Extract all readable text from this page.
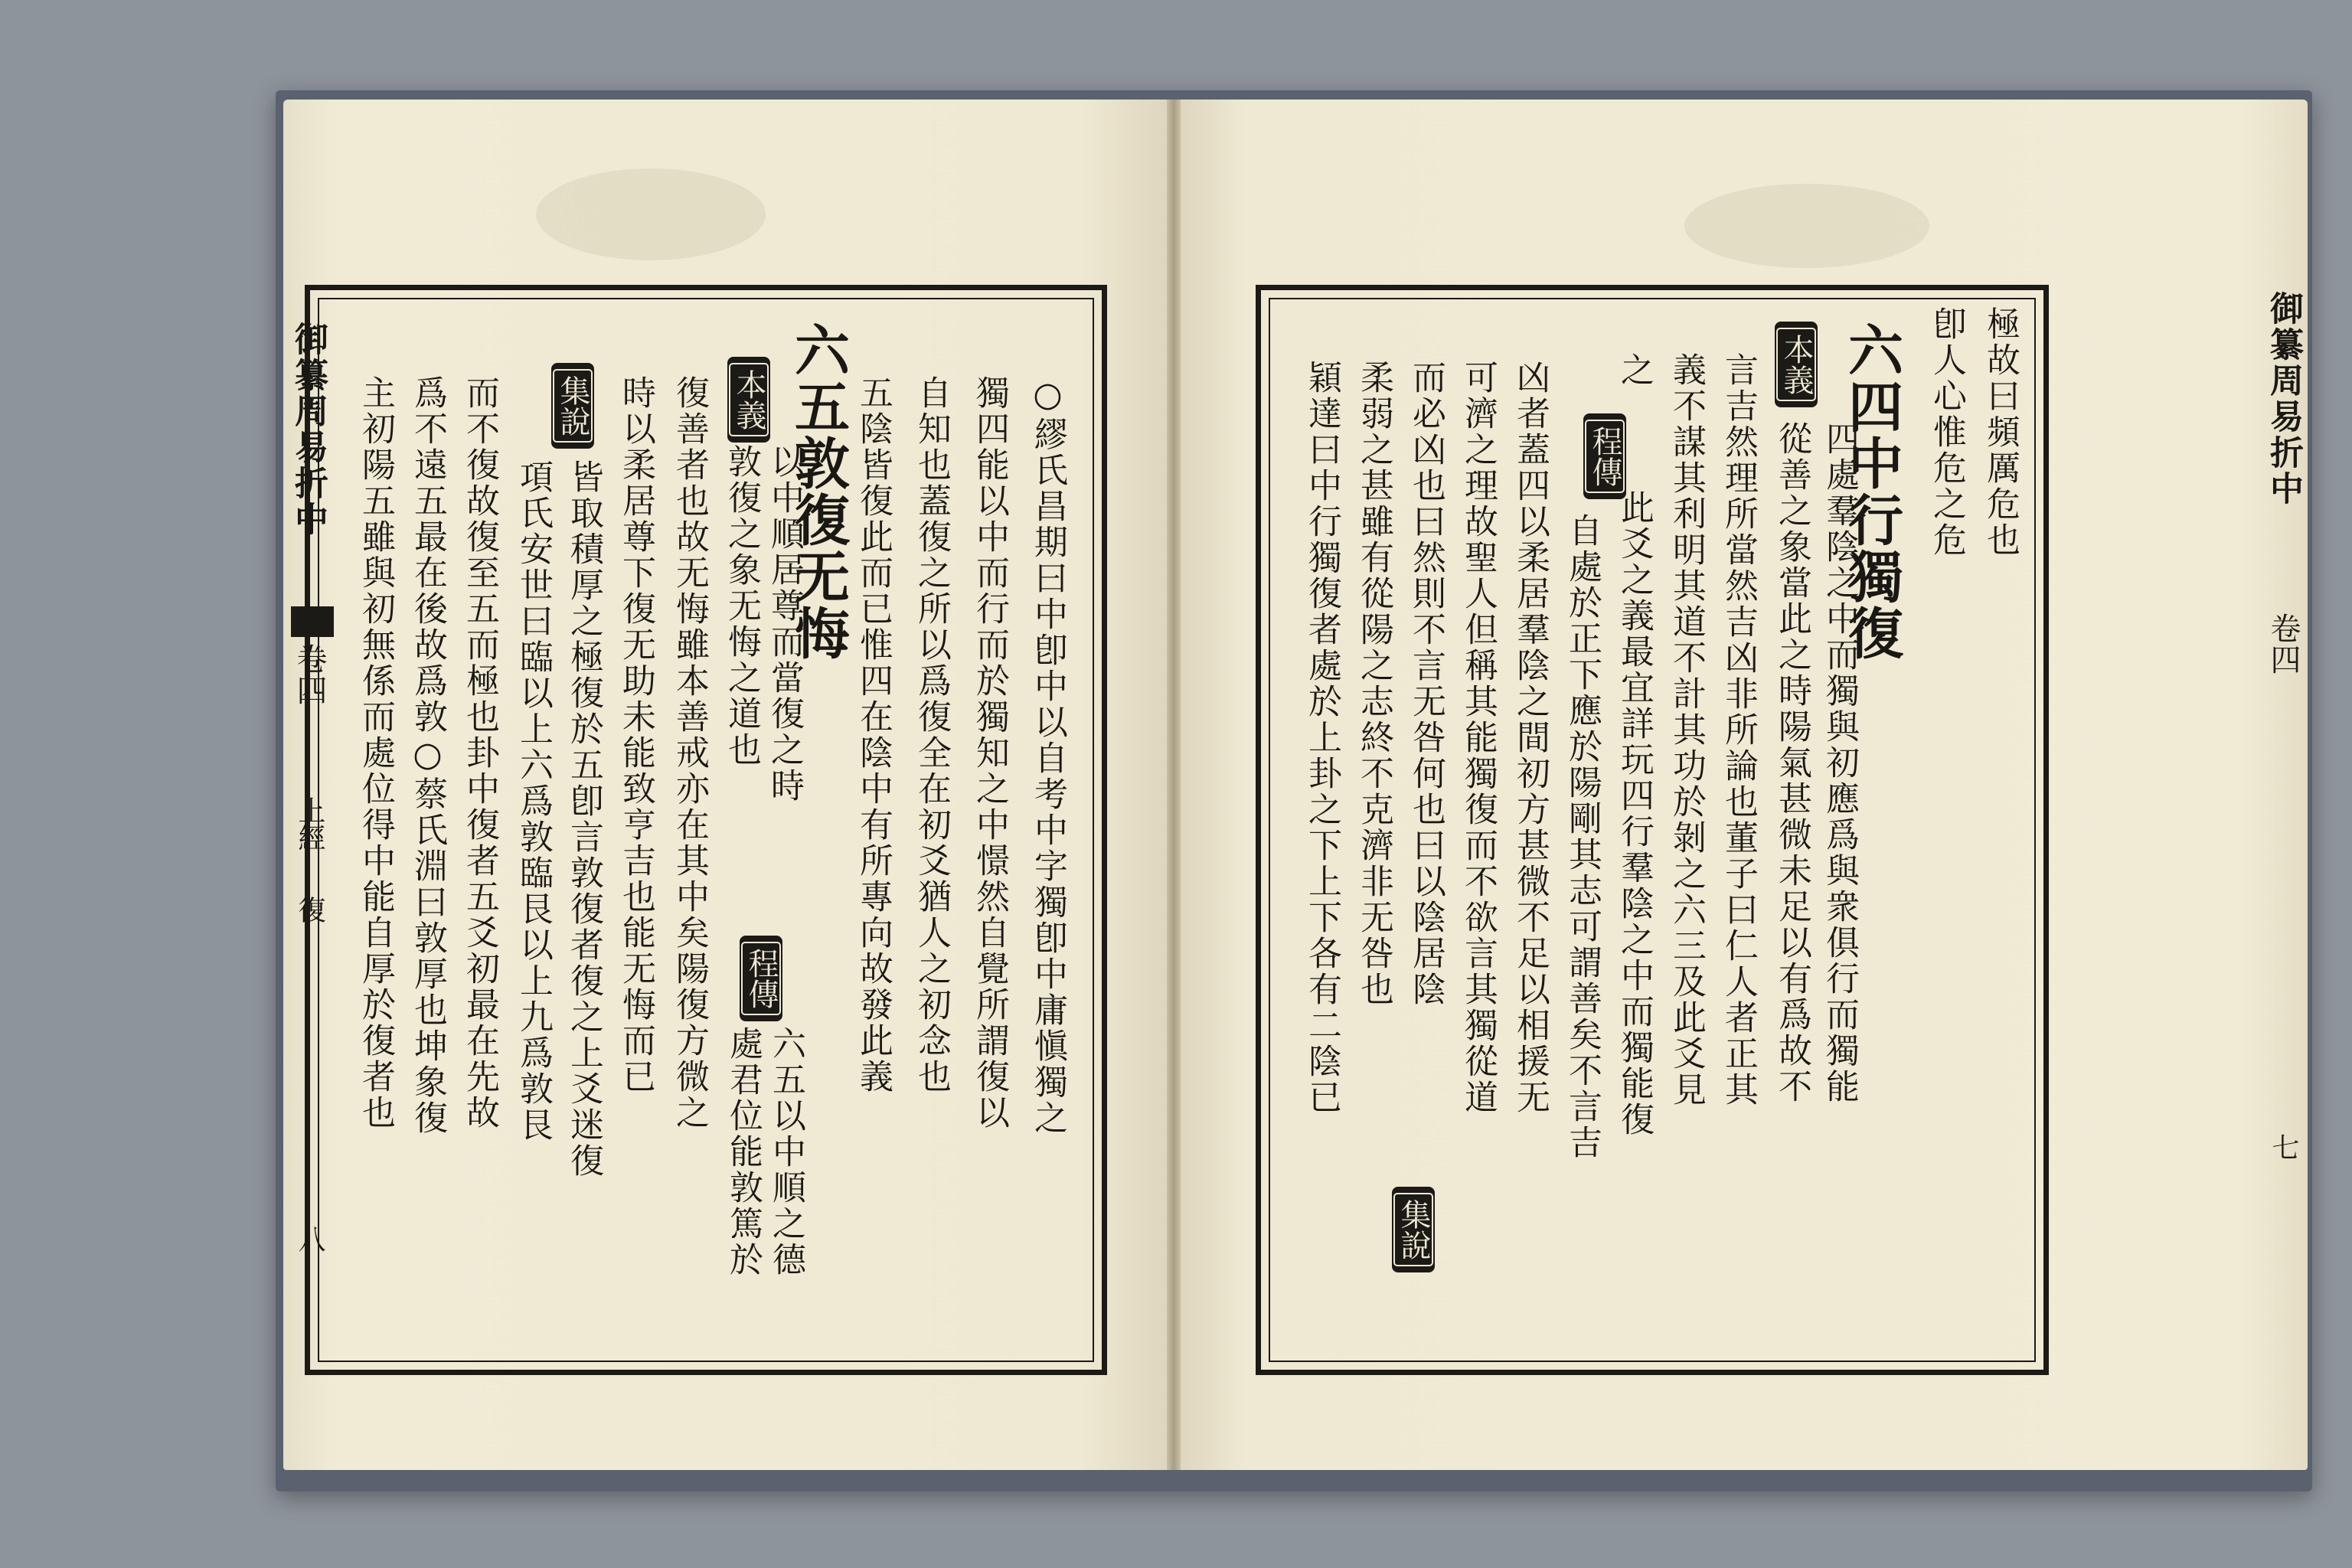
御纂周易折中
卷四
上經
復
八
○繆氏昌期曰中卽中以自考中字獨卽中庸愼獨之
獨四能以中而行而於獨知之中憬然自覺所謂復以
自知也蓋復之所以爲復全在初爻猶人之初念也
五陰皆復此而已惟四在陰中有所專向故發此義
六五敦復无悔
本義
以中順居尊而當復之時
敦復之象无悔之道也
程傳
六五以中順之德
處君位能敦篤於
復善者也故无悔雖本善戒亦在其中矣陽復方微之
時以柔居尊下復无助未能致亨吉也能无悔而已
集說
皆取積厚之極復於五卽言敦復者復之上爻迷復
項氏安世曰臨以上六爲敦臨艮以上九爲敦艮
而不復故復至五而極也卦中復者五爻初最在先故
爲不遠五最在後故爲敦○蔡氏淵曰敦厚也坤象復
主初陽五雖與初無係而處位得中能自厚於復者也	極故曰頻厲危也
卽人心惟危之危
六四中行獨復
本義
四處羣陰之中而獨與初應爲與衆俱行而獨能
從善之象當此之時陽氣甚微未足以有爲故不
言吉然理所當然吉凶非所論也董子曰仁人者正其
義不謀其利明其道不計其功於剝之六三及此爻見
之
程傳
此爻之義最宜詳玩四行羣陰之中而獨能復
自處於正下應於陽剛其志可謂善矣不言吉
凶者蓋四以柔居羣陰之間初方甚微不足以相援无
可濟之理故聖人但稱其能獨復而不欲言其獨從道
集說
而必凶也曰然則不言无咎何也曰以陰居陰
柔弱之甚雖有從陽之志終不克濟非无咎也
穎達曰中行獨復者處於上卦之下上下各有二陰已	御纂周易折中
卷四
七
